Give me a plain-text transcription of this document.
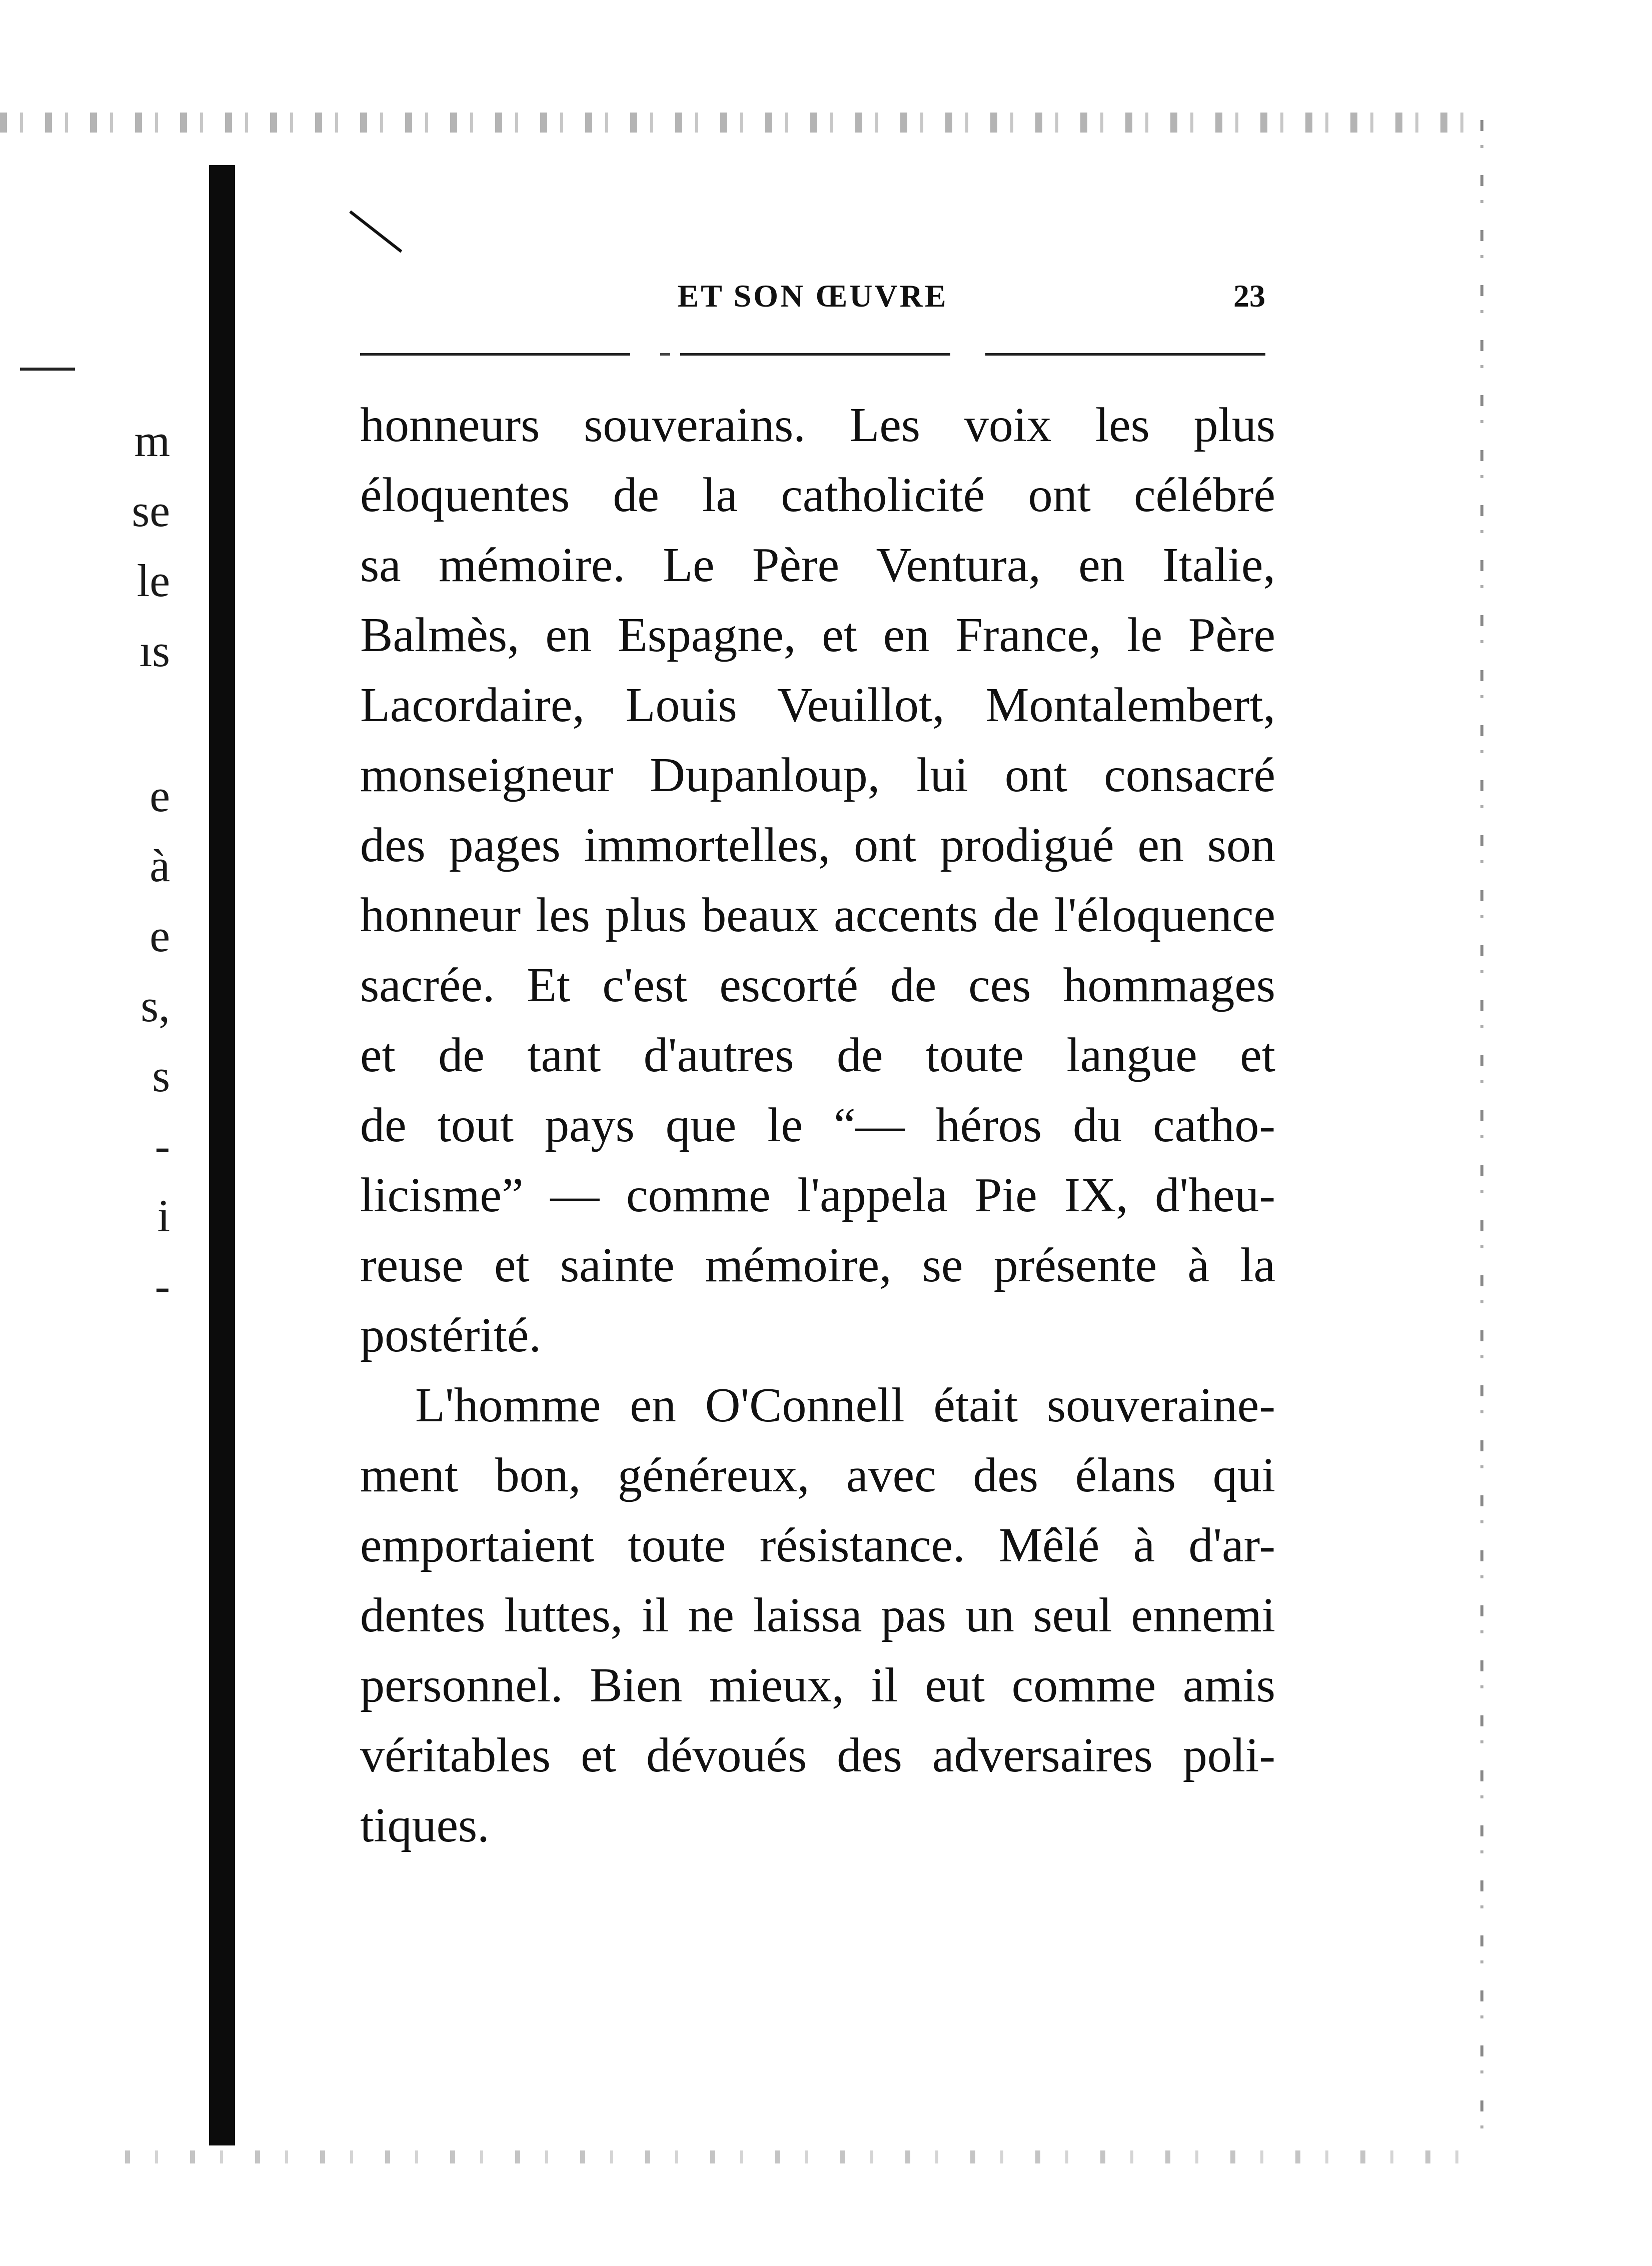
m
se
le
ıs
e
à
e
s,
s
-
i
-
ET SON ŒUVRE	23

honneurs souverains. Les voix les plus
éloquentes de la catholicité ont célébré
sa mémoire. Le Père Ventura, en Italie,
Balmès, en Espagne, et en France, le Père
Lacordaire, Louis Veuillot, Montalembert,
monseigneur Dupanloup, lui ont consacré
des pages immortelles, ont prodigué en son
honneur les plus beaux accents de l'éloquence
sacrée. Et c'est escorté de ces hommages
et de tant d'autres de toute langue et
de tout pays que le “— héros du catho-
licisme” — comme l'appela Pie IX, d'heu-
reuse et sainte mémoire, se présente à la
postérité.

L'homme en O'Connell était souveraine-
ment bon, généreux, avec des élans qui
emportaient toute résistance. Mêlé à d'ar-
dentes luttes, il ne laissa pas un seul ennemi
personnel. Bien mieux, il eut comme amis
véritables et dévoués des adversaires poli-
tiques.
